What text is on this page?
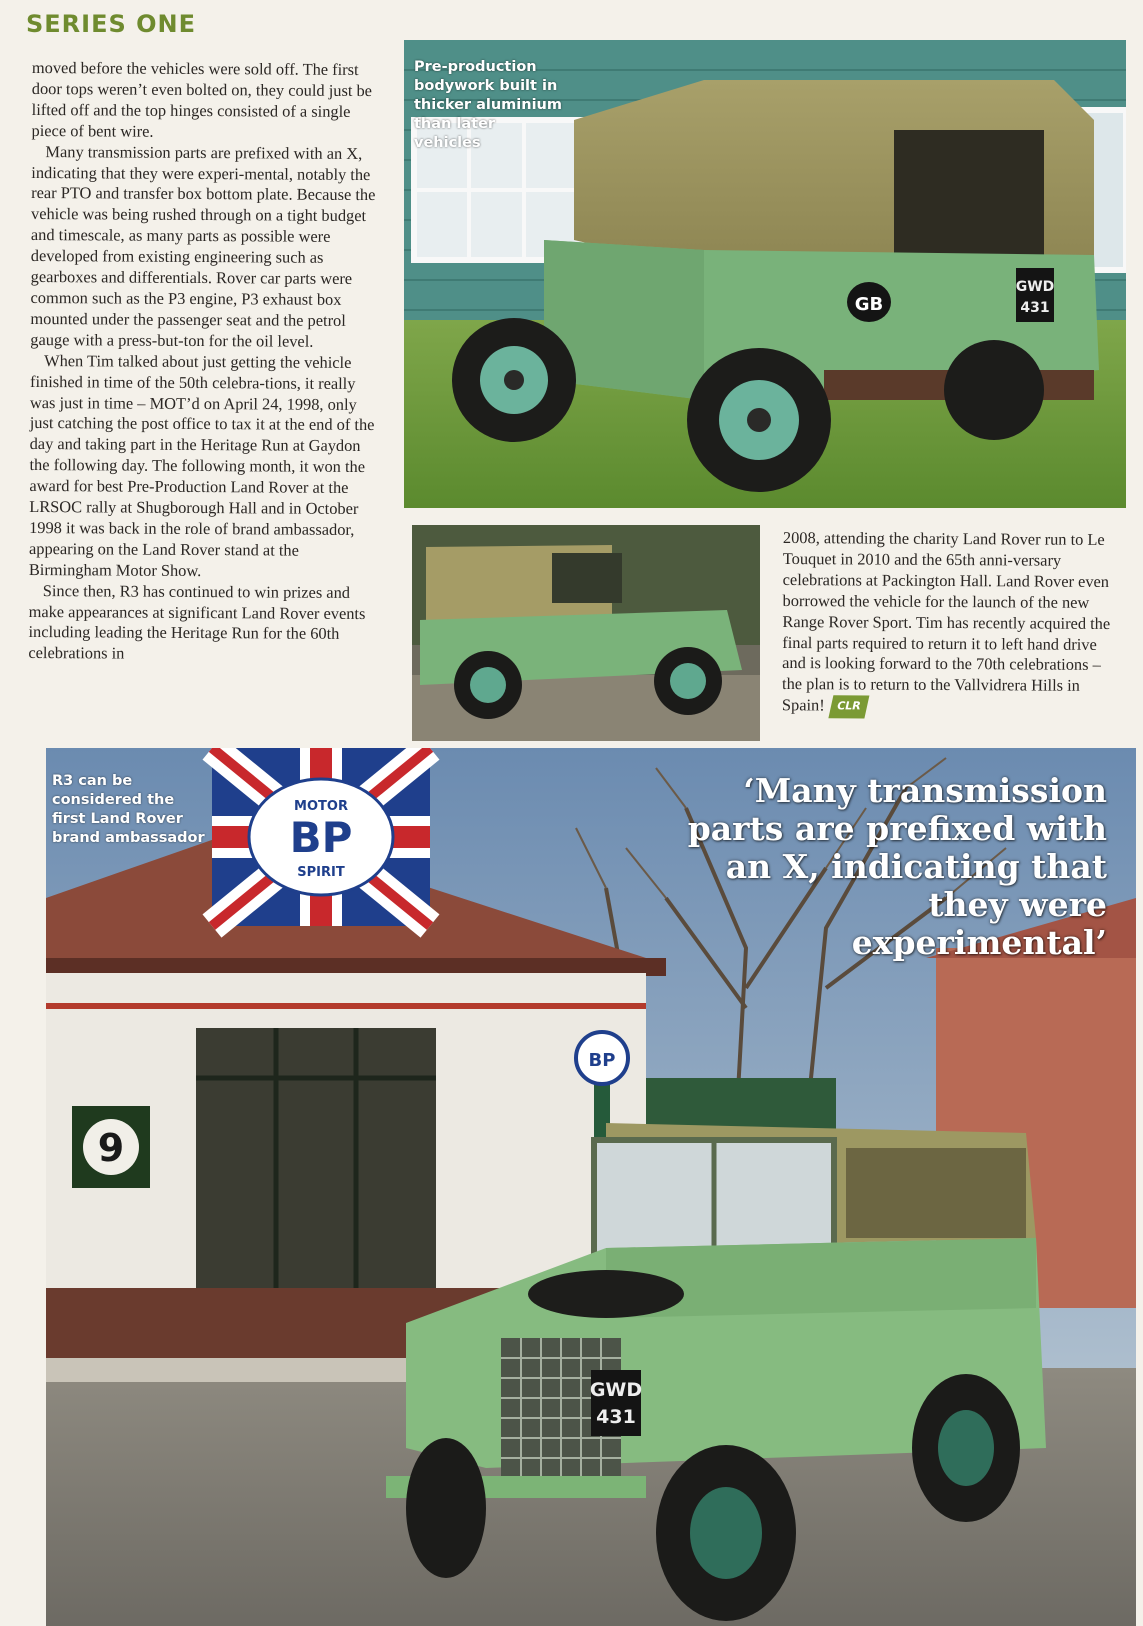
SERIES ONE

moved before the vehicles were sold off. The first door tops weren’t even bolted on, they could just be lifted off and the top hinges consisted of a single piece of bent wire.

Many transmission parts are prefixed with an X, indicating that they were experi-mental, notably the rear PTO and transfer box bottom plate. Because the vehicle was being rushed through on a tight budget and timescale, as many parts as possible were developed from existing engineering such as gearboxes and differentials. Rover car parts were common such as the P3 engine, P3 exhaust box mounted under the passenger seat and the petrol gauge with a press-but-ton for the oil level.

When Tim talked about just getting the vehicle finished in time of the 50th celebra-tions, it really was just in time – MOT’d on April 24, 1998, only just catching the post office to tax it at the end of the day and taking part in the Heritage Run at Gaydon the following day. The following month, it won the award for best Pre-Production Land Rover at the LRSOC rally at Shugborough Hall and in October 1998 it was back in the role of brand ambassador, appearing on the Land Rover stand at the Birmingham Motor Show.

Since then, R3 has continued to win prizes and make appearances at significant Land Rover events including leading the Heritage Run for the 60th celebrations in

2008, attending the charity Land Rover run to Le Touquet in 2010 and the 65th anni-versary celebrations at Packington Hall. Land Rover even borrowed the vehicle for the launch of the new Range Rover Sport. Tim has recently acquired the final parts required to return it to left hand drive and is looking forward to the 70th celebrations – the plan is to return to the Vallvidrera Hills in Spain! CLR

GB
GWD
431
Pre-production bodywork built in thicker aluminium than later vehicles
9
MOTOR
BP
SPIRIT
BP
GWD
431
R3 can be considered the first Land Rover brand ambassador
‘Many transmission parts are prefixed with an X, indicating that they were experimental’
